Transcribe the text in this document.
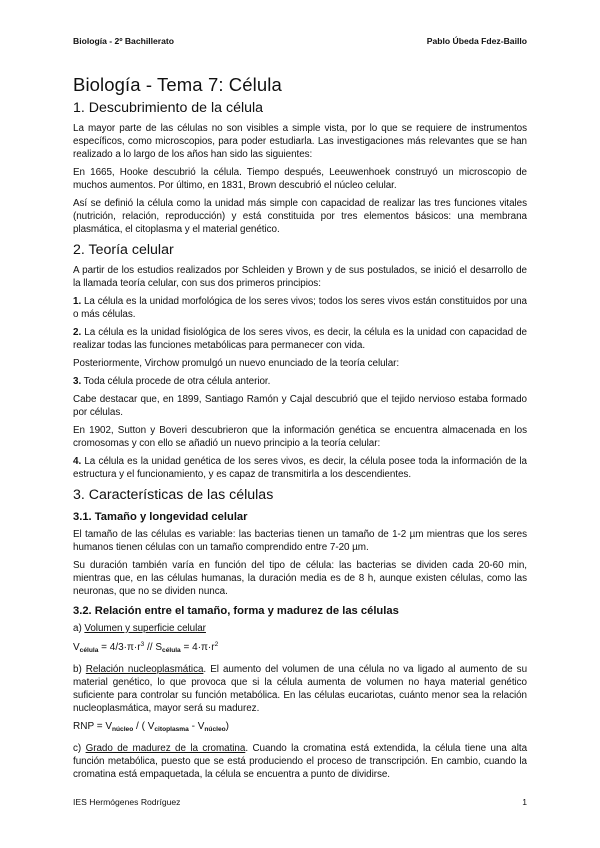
Biología - 2º Bachillerato	Pablo Úbeda Fdez-Baillo
Biología - Tema 7: Célula
1. Descubrimiento de la célula

La mayor parte de las células no son visibles a simple vista, por lo que se requiere de instrumentos específicos, como microscopios, para poder estudiarla. Las investigaciones más relevantes que se han realizado a lo largo de los años han sido las siguientes:

En 1665, Hooke descubrió la célula. Tiempo después, Leeuwenhoek construyó un microscopio de muchos aumentos. Por último, en 1831, Brown descubrió el núcleo celular.

Así se definió la célula como la unidad más simple con capacidad de realizar las tres funciones vitales (nutrición, relación, reproducción) y está constituida por tres elementos básicos: una membrana plasmática, el citoplasma y el material genético.

2. Teoría celular

A partir de los estudios realizados por Schleiden y Brown y de sus postulados, se inició el desarrollo de la llamada teoría celular, con sus dos primeros principios:

1. La célula es la unidad morfológica de los seres vivos; todos los seres vivos están constituidos por una o más células.

2. La célula es la unidad fisiológica de los seres vivos, es decir, la célula es la unidad con capacidad de realizar todas las funciones metabólicas para permanecer con vida.

Posteriormente, Virchow promulgó un nuevo enunciado de la teoría celular:

3. Toda célula procede de otra célula anterior.

Cabe destacar que, en 1899, Santiago Ramón y Cajal descubrió que el tejido nervioso estaba formado por células.

En 1902, Sutton y Boveri descubrieron que la información genética se encuentra almacenada en los cromosomas y con ello se añadió un nuevo principio a la teoría celular:

4. La célula es la unidad genética de los seres vivos, es decir, la célula posee toda la información de la estructura y el funcionamiento, y es capaz de transmitirla a los descendientes.

3. Características de las células
3.1. Tamaño y longevidad celular

El tamaño de las células es variable: las bacterias tienen un tamaño de 1-2 µm mientras que los seres humanos tienen células con un tamaño comprendido entre 7-20 µm.

Su duración también varía en función del tipo de célula: las bacterias se dividen cada 20-60 min, mientras que, en las células humanas, la duración media es de 8 h, aunque existen células, como las neuronas, que no se dividen nunca.

3.2. Relación entre el tamaño, forma y madurez de las células

a) Volumen y superficie celular

$V_{célula} = 4/3\cdot\pi\cdot r^3 // S_{célula} = 4\cdot\pi\cdot r^2$

b) Relación nucleoplasmática. El aumento del volumen de una célula no va ligado al aumento de su material genético, lo que provoca que si la célula aumenta de volumen no haya material genético suficiente para controlar su función metabólica. En las células eucariotas, cuánto menor sea la relación nucleoplasmática, mayor será su madurez.

RNP = $V_{núcleo}$ / ( $V_{citoplasma} - V_{núcleo}$)

c) Grado de madurez de la cromatina. Cuando la cromatina está extendida, la célula tiene una alta función metabólica, puesto que se está produciendo el proceso de transcripción. En cambio, cuando la cromatina está empaquetada, la célula se encuentra a punto de dividirse.

IES Hermógenes Rodríguez	1
